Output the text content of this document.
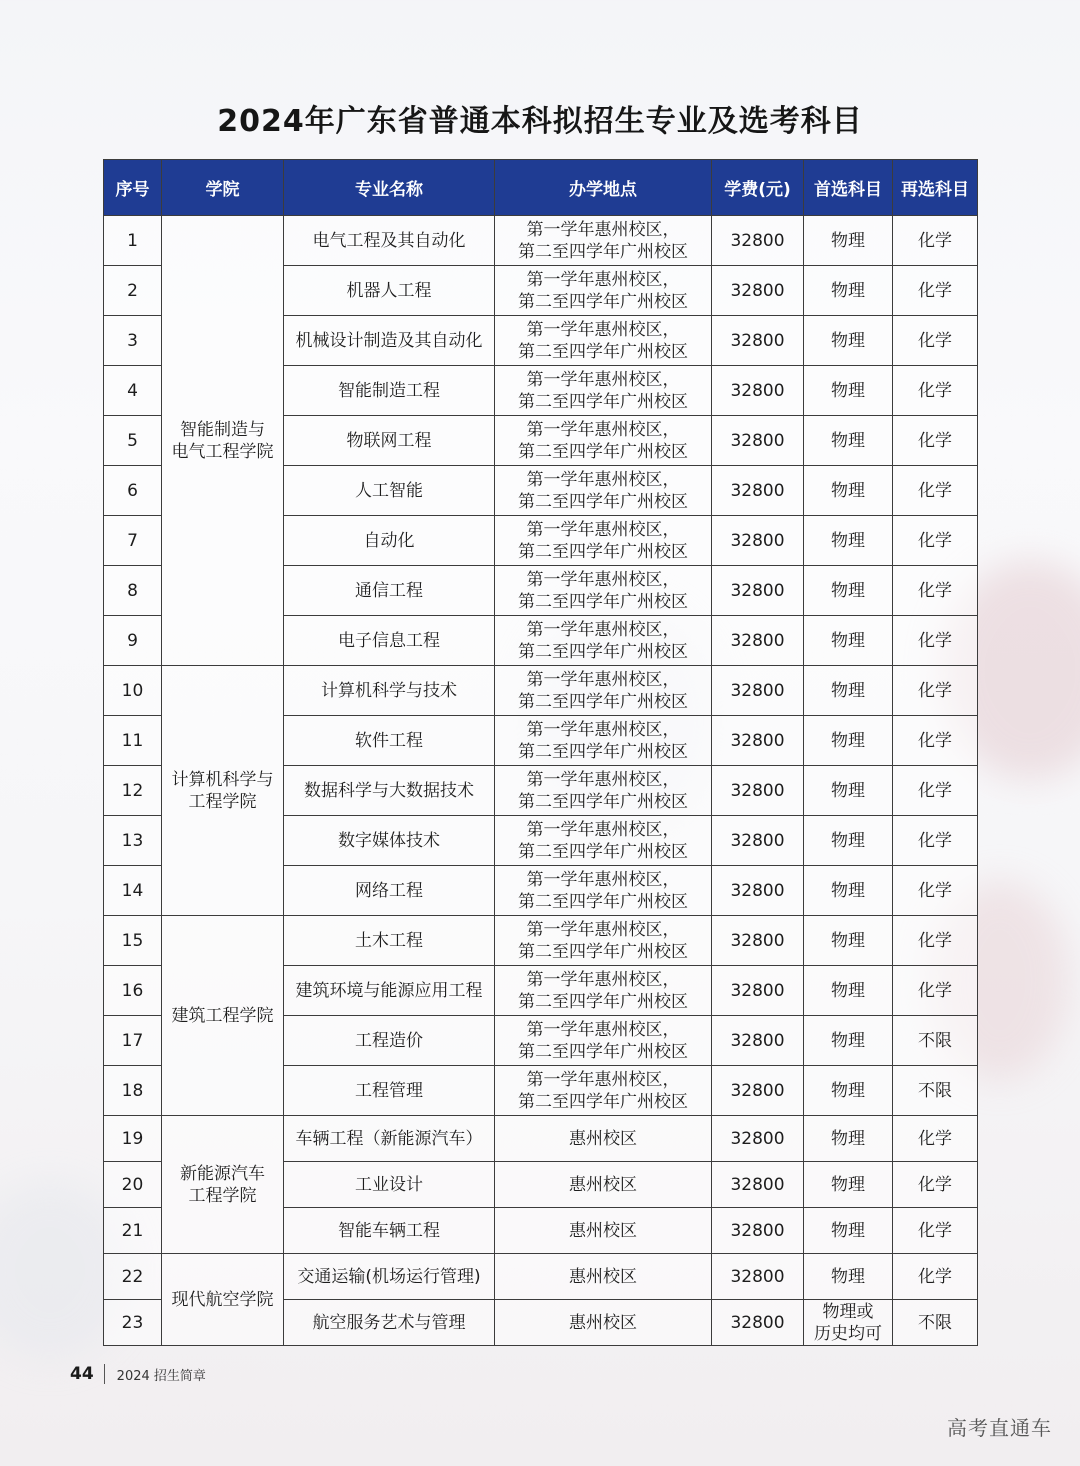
2024年广东省普通本科拟招生专业及选考科目
序号	学院	专业名称	办学地点	学费(元)	首选科目	再选科目
1	智能制造与
电气工程学院	电气工程及其自动化	第一学年惠州校区，
第二至四学年广州校区	32800	物理	化学
2		机器人工程	第一学年惠州校区，
第二至四学年广州校区	32800	物理	化学
3		机械设计制造及其自动化	第一学年惠州校区，
第二至四学年广州校区	32800	物理	化学
4		智能制造工程	第一学年惠州校区，
第二至四学年广州校区	32800	物理	化学
5		物联网工程	第一学年惠州校区，
第二至四学年广州校区	32800	物理	化学
6		人工智能	第一学年惠州校区，
第二至四学年广州校区	32800	物理	化学
7		自动化	第一学年惠州校区，
第二至四学年广州校区	32800	物理	化学
8		通信工程	第一学年惠州校区，
第二至四学年广州校区	32800	物理	化学
9		电子信息工程	第一学年惠州校区，
第二至四学年广州校区	32800	物理	化学
10	计算机科学与
工程学院	计算机科学与技术	第一学年惠州校区，
第二至四学年广州校区	32800	物理	化学
11		软件工程	第一学年惠州校区，
第二至四学年广州校区	32800	物理	化学
12		数据科学与大数据技术	第一学年惠州校区，
第二至四学年广州校区	32800	物理	化学
13		数字媒体技术	第一学年惠州校区，
第二至四学年广州校区	32800	物理	化学
14		网络工程	第一学年惠州校区，
第二至四学年广州校区	32800	物理	化学
15	建筑工程学院	土木工程	第一学年惠州校区，
第二至四学年广州校区	32800	物理	化学
16		建筑环境与能源应用工程	第一学年惠州校区，
第二至四学年广州校区	32800	物理	化学
17		工程造价	第一学年惠州校区，
第二至四学年广州校区	32800	物理	不限
18		工程管理	第一学年惠州校区，
第二至四学年广州校区	32800	物理	不限
19	新能源汽车
工程学院	车辆工程（新能源汽车）	惠州校区	32800	物理	化学
20		工业设计	惠州校区	32800	物理	化学
21		智能车辆工程	惠州校区	32800	物理	化学
22	现代航空学院	交通运输(机场运行管理)	惠州校区	32800	物理	化学
23		航空服务艺术与管理	惠州校区	32800	物理或
历史均可	不限
44 2024 招生简章
高考直通车
